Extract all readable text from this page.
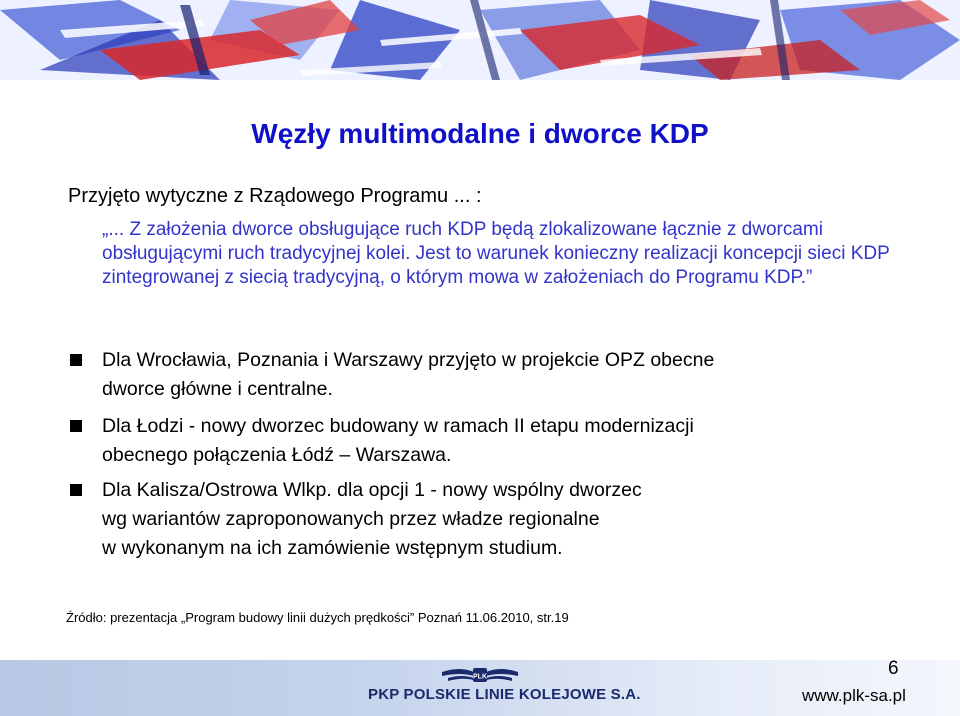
Węzły multimodalne i dworce KDP
Przyjęto wytyczne z Rządowego Programu ... :
„... Z założenia dworce obsługujące ruch KDP będą zlokalizowane łącznie z dworcami obsługującymi ruch tradycyjnej kolei. Jest to warunek konieczny realizacji koncepcji sieci KDP zintegrowanej z siecią tradycyjną, o którym mowa w założeniach do Programu KDP.”
Dla Wrocławia, Poznania i Warszawy przyjęto w projekcie OPZ obecne
dworce główne i centralne.
Dla Łodzi - nowy dworzec budowany w ramach II etapu modernizacji
obecnego połączenia Łódź – Warszawa.
Dla Kalisza/Ostrowa Wlkp. dla opcji 1 - nowy wspólny dworzec
wg wariantów zaproponowanych przez władze regionalne
w wykonanym na ich zamówienie wstępnym studium.
Źródło: prezentacja „Program budowy linii dużych prędkości” Poznań 11.06.2010, str.19
PLK
PKP POLSKIE LINIE KOLEJOWE S.A.
6
www.plk-sa.pl
